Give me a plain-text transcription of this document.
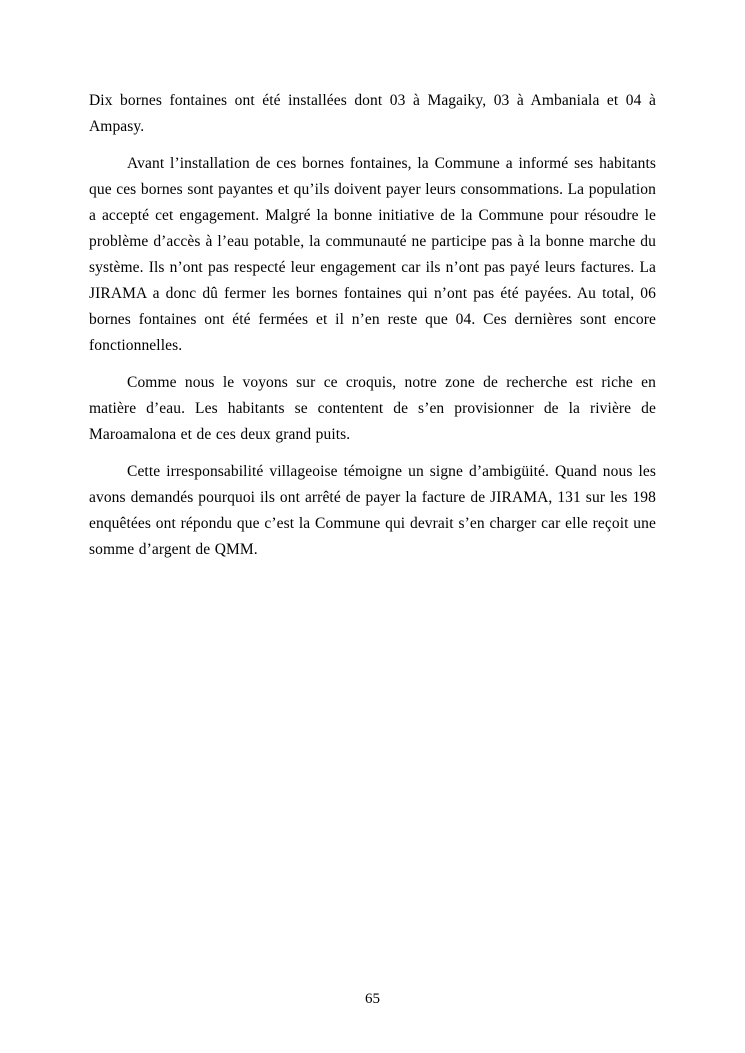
Dix bornes fontaines ont été installées dont 03 à Magaiky, 03 à Ambaniala et 04 à Ampasy.

Avant l’installation de ces bornes fontaines, la Commune a informé ses habitants que ces bornes sont payantes et qu’ils doivent payer leurs consommations. La population a accepté cet engagement. Malgré la bonne initiative de la Commune pour résoudre le problème d’accès à l’eau potable, la communauté ne participe pas à la bonne marche du système. Ils n’ont pas respecté leur engagement car ils n’ont pas payé leurs factures. La JIRAMA a donc dû fermer les bornes fontaines qui n’ont pas été payées. Au total, 06 bornes fontaines ont été fermées et il n’en reste que 04. Ces dernières sont encore fonctionnelles.

Comme nous le voyons sur ce croquis, notre zone de recherche est riche en matière d’eau. Les habitants se contentent de s’en provisionner de la rivière de Maroamalona et de ces deux grand puits.

Cette irresponsabilité villageoise témoigne un signe d’ambigüité. Quand nous les avons demandés pourquoi ils ont arrêté de payer la facture de JIRAMA, 131 sur les 198 enquêtées ont répondu que c’est la Commune qui devrait s’en charger car elle reçoit une somme d’argent de QMM.

65
